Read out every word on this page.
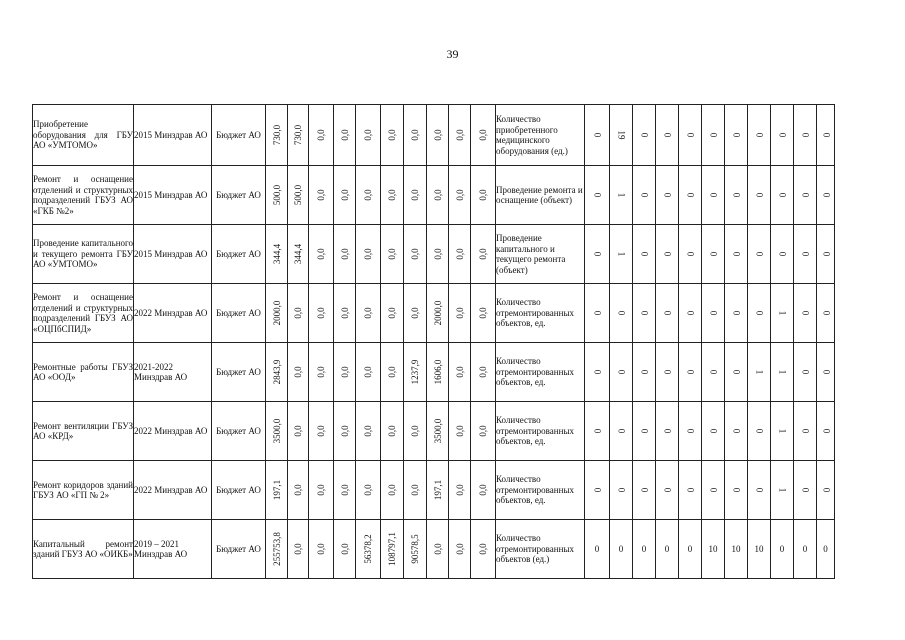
39
Приобретение оборудования для ГБУ АО «УМТОМО»	2015 Минздрав АО	Бюджет АО	730,0	730,0	0,0	0,0	0,0	0,0	0,0	0,0	0,0	0,0	Количество приобретенного медицинского оборудования (ед.)	0	19	0	0	0	0	0	0	0	0	0

Ремонт и оснащение отделений и структурных подразделений ГБУЗ АО «ГКБ №2»	2015 Минздрав АО	Бюджет АО	500,0	500,0	0,0	0,0	0,0	0,0	0,0	0,0	0,0	0,0	Проведение ремонта и оснащение (объект)	0	1	0	0	0	0	0	0	0	0	0

Проведение капитального и текущего ремонта ГБУ АО «УМТОМО»	2015 Минздрав АО	Бюджет АО	344,4	344,4	0,0	0,0	0,0	0,0	0,0	0,0	0,0	0,0	Проведение капитального и текущего ремонта (объект)	0	1	0	0	0	0	0	0	0	0	0

Ремонт и оснащение отделений и структурных подразделений ГБУЗ АО «ОЦПбСПИД»	2022 Минздрав АО	Бюджет АО	2000,0	0,0	0,0	0,0	0,0	0,0	0,0	2000,0	0,0	0,0	Количество отремонтированных объектов, ед.	0	0	0	0	0	0	0	0	1	0	0

Ремонтные работы ГБУЗ АО «ООД»	2021-2022 Минздрав АО	Бюджет АО	2843,9	0,0	0,0	0,0	0,0	0,0	1237,9	1606,0	0,0	0,0	Количество отремонтированных объектов, ед.	0	0	0	0	0	0	0	1	1	0	0

Ремонт вентиляции ГБУЗ АО «КРД»	2022 Минздрав АО	Бюджет АО	3500,0	0,0	0,0	0,0	0,0	0,0	0,0	3500,0	0,0	0,0	Количество отремонтированных объектов, ед.	0	0	0	0	0	0	0	0	1	0	0

Ремонт коридоров зданий ГБУЗ АО «ГП № 2»	2022 Минздрав АО	Бюджет АО	197,1	0,0	0,0	0,0	0,0	0,0	0,0	197,1	0,0	0,0	Количество отремонтированных объектов, ед.	0	0	0	0	0	0	0	0	1	0	0

Капитальный ремонт зданий ГБУЗ АО «ОИКБ»	2019 – 2021 Минздрав АО	Бюджет АО	255753,8	0,0	0,0	0,0	56378,2	108797,1	90578,5	0,0	0,0	0,0	Количество отремонтированных объектов (ед.)	0	0	0	0	0	10	10	10	0	0	0
